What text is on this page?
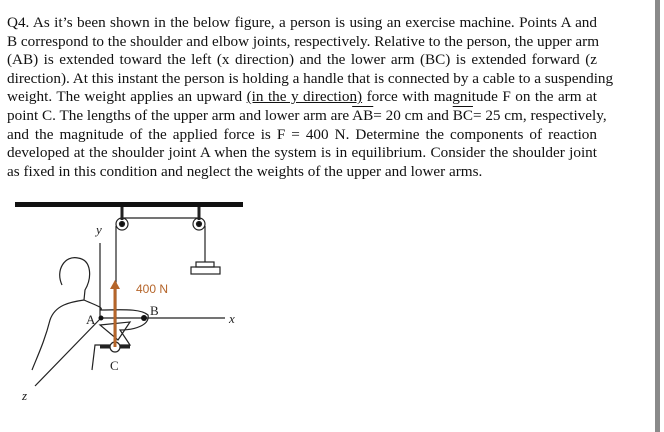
Q4. As it’s been shown in the below figure, a person is using an exercise machine. Points A and
B correspond to the shoulder and elbow joints, respectively. Relative to the person, the upper arm
(AB) is extended toward the left (x direction) and the lower arm (BC) is extended forward (z
direction). At this instant the person is holding a handle that is connected by a cable to a suspending
weight. The weight applies an upward (in the y direction) force with magnitude F on the arm at
point C. The lengths of the upper arm and lower arm are $\overline{AB}= 20$ cm and $\overline{BC}= 25$ cm, respectively,
and the magnitude of the applied force is F = 400 N. Determine the components of reaction
developed at the shoulder joint A when the system is in equilibrium. Consider the shoulder joint
as fixed in this condition and neglect the weights of the upper and lower arms.
y
x
z
A
B
C
400 N
